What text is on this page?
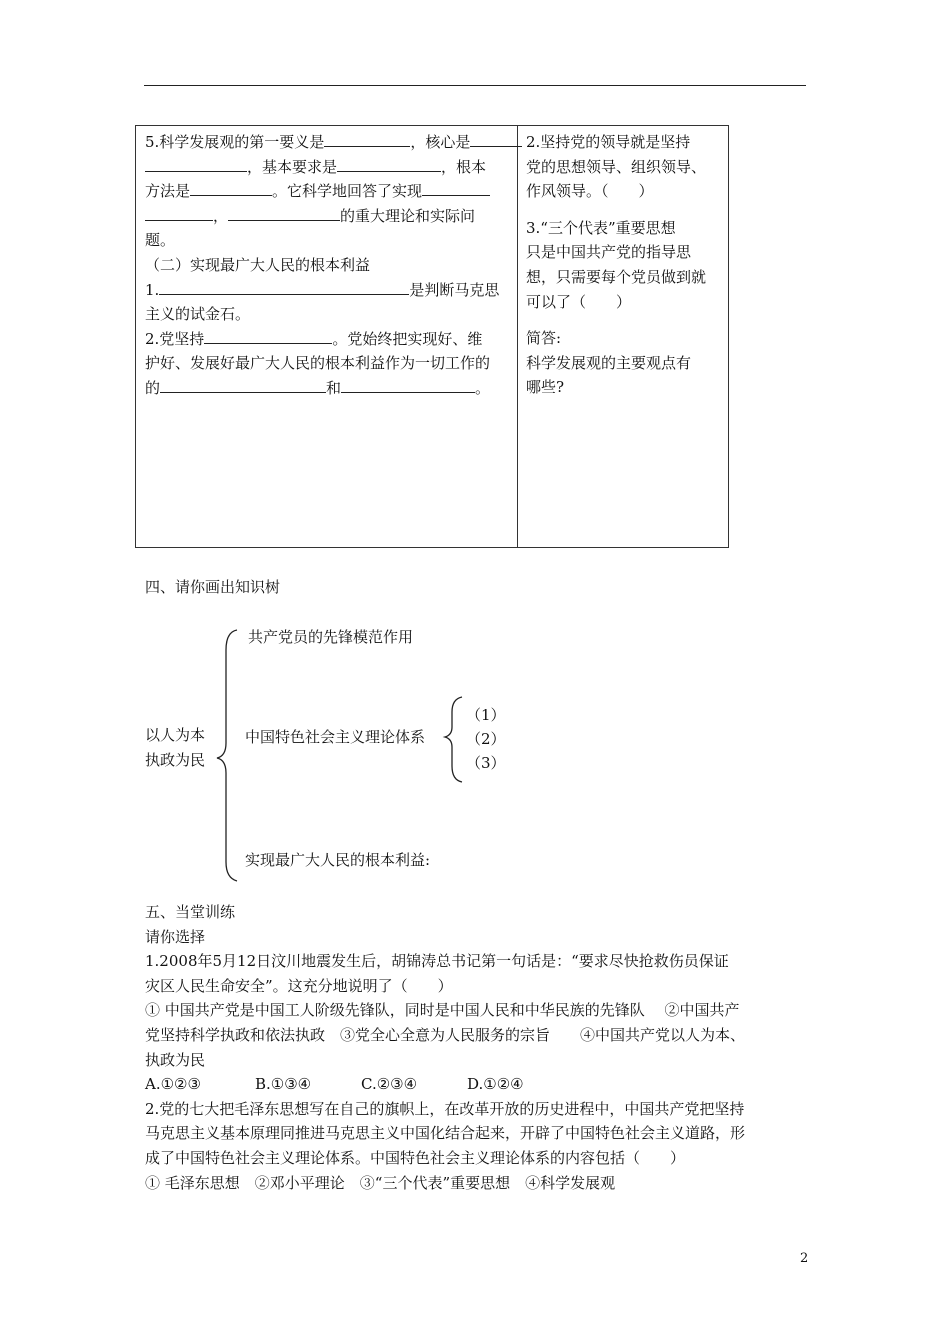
5.科学发展观的第一要义是	，核心是
，基本要求是	，根本
方法是	。它科学地回答了实现
，	的重大理论和实际问
题。
（二）实现最广大人民的根本利益
1.	是判断马克思
主义的试金石。
2.党坚持	。党始终把实现好、维
护好、发展好最广大人民的根本利益作为一切工作的
的	和	。
2.坚持党的领导就是坚持
党的思想领导、组织领导、
作风领导。（　　）
3.“三个代表”重要思想
只是中国共产党的指导思
想，只需要每个党员做到就
可以了（　　）
简答:
科学发展观的主要观点有
哪些?
四、请你画出知识树
以人为本
执政为民
共产党员的先锋模范作用
中国特色社会主义理论体系
（1）
（2）
（3）
实现最广大人民的根本利益:
五、当堂训练
请你选择
1.2008年5月12日汶川地震发生后，胡锦涛总书记第一句话是：“要求尽快抢救伤员保证
灾区人民生命安全”。这充分地说明了（　　）
① 中国共产党是中国工人阶级先锋队，同时是中国人民和中华民族的先锋队　 ②中国共产
党坚持科学执政和依法执政　③党全心全意为人民服务的宗旨　　④中国共产党以人为本、
执政为民
A.①②③	B.①③④	C.②③④	D.①②④
2.党的七大把毛泽东思想写在自己的旗帜上，在改革开放的历史进程中，中国共产党把坚持
马克思主义基本原理同推进马克思主义中国化结合起来，开辟了中国特色社会主义道路，形
成了中国特色社会主义理论体系。中国特色社会主义理论体系的内容包括（　　）
① 毛泽东思想　②邓小平理论　③“三个代表”重要思想　④科学发展观
2
